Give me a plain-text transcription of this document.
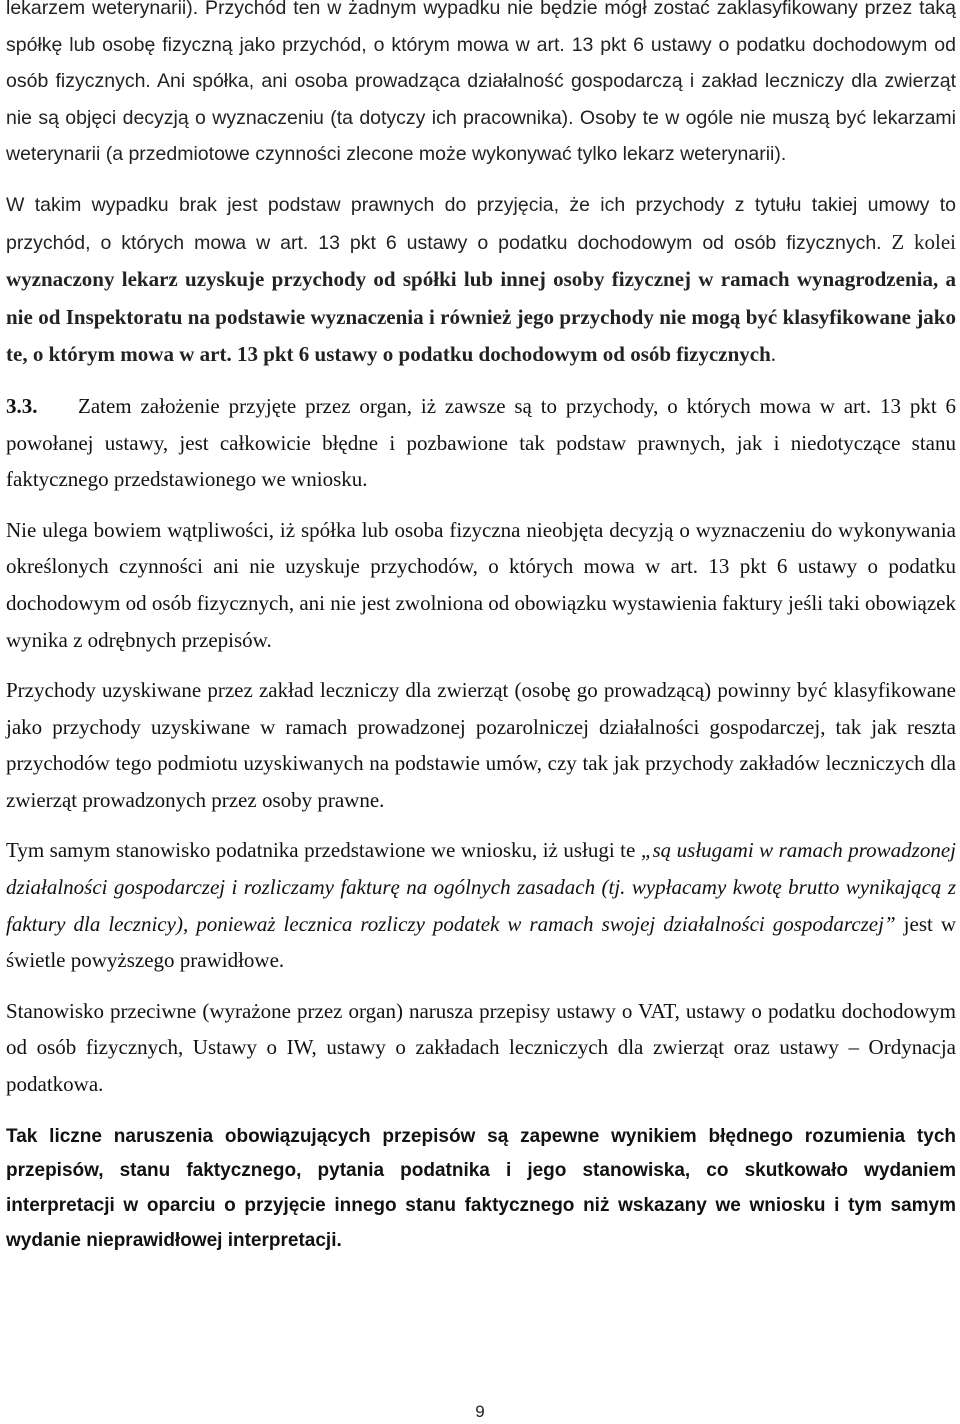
lekarzem weterynarii). Przychód ten w żadnym wypadku nie będzie mógł zostać zaklasyfikowany przez taką spółkę lub osobę fizyczną jako przychód, o którym mowa w art. 13 pkt 6 ustawy o podatku dochodowym od osób fizycznych. Ani spółka, ani osoba prowadząca działalność gospodarczą i zakład leczniczy dla zwierząt nie są objęci decyzją o wyznaczeniu (ta dotyczy ich pracownika). Osoby te w ogóle nie muszą być lekarzami weterynarii (a przedmiotowe czynności zlecone może wykonywać tylko lekarz weterynarii).

W takim wypadku brak jest podstaw prawnych do przyjęcia, że ich przychody z tytułu takiej umowy to przychód, o których mowa w art. 13 pkt 6 ustawy o podatku dochodowym od osób fizycznych. Z kolei wyznaczony lekarz uzyskuje przychody od spółki lub innej osoby fizycznej w ramach wynagrodzenia, a nie od Inspektoratu na podstawie wyznaczenia i również jego przychody nie mogą być klasyfikowane jako te, o którym mowa w art. 13 pkt 6 ustawy o podatku dochodowym od osób fizycznych.

3.3. Zatem założenie przyjęte przez organ, iż zawsze są to przychody, o których mowa w art. 13 pkt 6 powołanej ustawy, jest całkowicie błędne i pozbawione tak podstaw prawnych, jak i niedotyczące stanu faktycznego przedstawionego we wniosku.

Nie ulega bowiem wątpliwości, iż spółka lub osoba fizyczna nieobjęta decyzją o wyznaczeniu do wykonywania określonych czynności ani nie uzyskuje przychodów, o których mowa w art. 13 pkt 6 ustawy o podatku dochodowym od osób fizycznych, ani nie jest zwolniona od obowiązku wystawienia faktury jeśli taki obowiązek wynika z odrębnych przepisów.

Przychody uzyskiwane przez zakład leczniczy dla zwierząt (osobę go prowadzącą) powinny być klasyfikowane jako przychody uzyskiwane w ramach prowadzonej pozarolniczej działalności gospodarczej, tak jak reszta przychodów tego podmiotu uzyskiwanych na podstawie umów, czy tak jak przychody zakładów leczniczych dla zwierząt prowadzonych przez osoby prawne.

Tym samym stanowisko podatnika przedstawione we wniosku, iż usługi te „są usługami w ramach prowadzonej działalności gospodarczej i rozliczamy fakturę na ogólnych zasadach (tj. wypłacamy kwotę brutto wynikającą z faktury dla lecznicy), ponieważ lecznica rozliczy podatek w ramach swojej działalności gospodarczej” jest w świetle powyższego prawidłowe.

Stanowisko przeciwne (wyrażone przez organ) narusza przepisy ustawy o VAT, ustawy o podatku dochodowym od osób fizycznych, Ustawy o IW, ustawy o zakładach leczniczych dla zwierząt oraz ustawy – Ordynacja podatkowa.

Tak liczne naruszenia obowiązujących przepisów są zapewne wynikiem błędnego rozumienia tych przepisów, stanu faktycznego, pytania podatnika i jego stanowiska, co skutkowało wydaniem interpretacji w oparciu o przyjęcie innego stanu faktycznego niż wskazany we wniosku i tym samym wydanie nieprawidłowej interpretacji.

9
